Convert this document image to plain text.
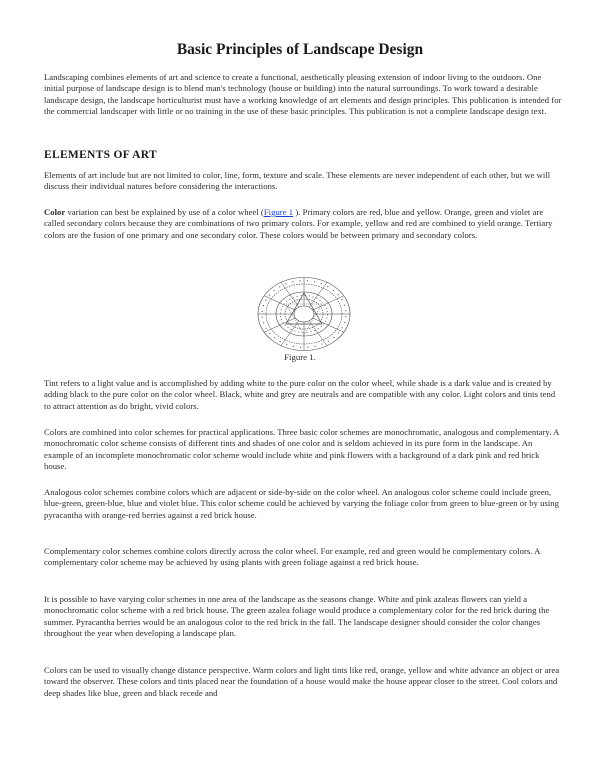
Basic Principles of Landscape Design

Landscaping combines elements of art and science to create a functional, aesthetically pleasing extension of indoor living to the outdoors. One initial purpose of landscape design is to blend man's technology (house or building) into the natural surroundings. To work toward a desirable landscape design, the landscape horticulturist must have a working knowledge of art elements and design principles. This publication is intended for the commercial landscaper with little or no training in the use of these basic principles. This publication is not a complete landscape design text.

ELEMENTS OF ART

Elements of art include but are not limited to color, line, form, texture and scale. These elements are never independent of each other, but we will discuss their individual natures before considering the interactions.

Color variation can best be explained by use of a color wheel (Figure 1 ). Primary colors are red, blue and yellow. Orange, green and violet are called secondary colors because they are combinations of two primary colors. For example, yellow and red are combined to yield orange. Tertiary colors are the fusion of one primary and one secondary color. These colors would be between primary and secondary colors.

Figure 1.

Tint refers to a light value and is accomplished by adding white to the pure color on the color wheel, while shade is a dark value and is created by adding black to the pure color on the color wheel. Black, white and grey are neutrals and are compatible with any color. Light colors and tints tend to attract attention as do bright, vivid colors.

Colors are combined into color schemes for practical applications. Three basic color schemes are monochromatic, analogous and complementary. A monochromatic color scheme consists of different tints and shades of one color and is seldom achieved in its pure form in the landscape. An example of an incomplete monochromatic color scheme would include white and pink flowers with a background of a dark pink and red brick house.

Analogous color schemes combine colors which are adjacent or side-by-side on the color wheel. An analogous color scheme could include green, blue-green, green-blue, blue and violet blue. This color scheme could be achieved by varying the foliage color from green to blue-green or by using pyracantha with orange-red berries against a red brick house.

Complementary color schemes combine colors directly across the color wheel. For example, red and green would be complementary colors. A complementary color scheme may be achieved by using plants with green foliage against a red brick house.

It is possible to have varying color schemes in one area of the landscape as the seasons change. White and pink azaleas flowers can yield a monochromatic color scheme with a red brick house. The green azalea foliage would produce a complementary color for the red brick during the summer. Pyracantha berries would be an analogous color to the red brick in the fall. The landscape designer should consider the color changes throughout the year when developing a landscape plan.

Colors can be used to visually change distance perspective. Warm colors and light tints like red, orange, yellow and white advance an object or area toward the observer. These colors and tints placed near the foundation of a house would make the house appear closer to the street. Cool colors and deep shades like blue, green and black recede and
